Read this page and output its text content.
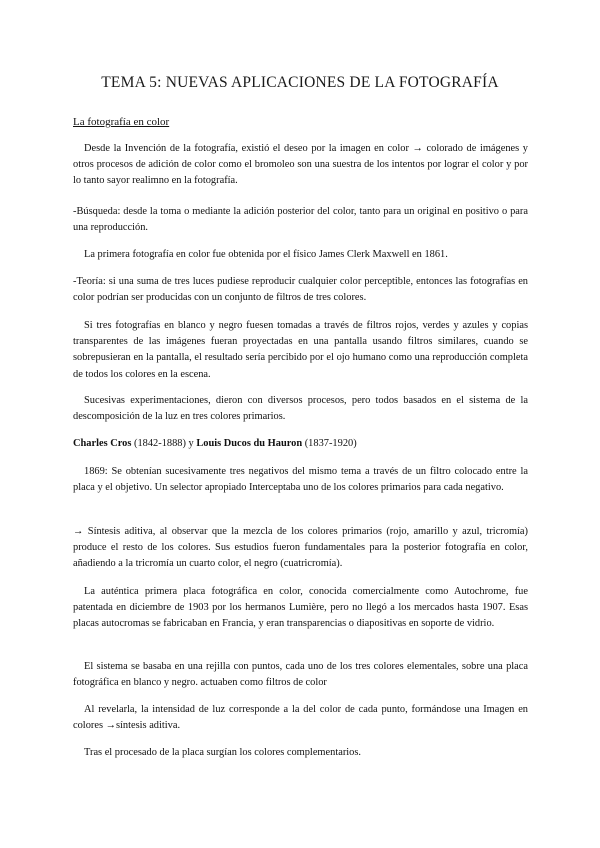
TEMA 5: NUEVAS APLICACIONES DE LA FOTOGRAFÍA
La fotografía en color
Desde la Invención de la fotografía, existió el deseo por la imagen en color → colorado de imágenes y otros procesos de adición de color como el bromoleo son una suestra de los intentos por lograr el color y por lo tanto sayor realimno en la fotografía.
-Búsqueda: desde la toma o mediante la adición posterior del color, tanto para un original en positivo o para una reproducción.
La primera fotografía en color fue obtenida por el físico James Clerk Maxwell en 1861.
-Teoría: si una suma de tres luces pudiese reproducir cualquier color perceptible, entonces las fotografías en color podrían ser producidas con un conjunto de filtros de tres colores.
Si tres fotografías en blanco y negro fuesen tomadas a través de filtros rojos, verdes y azules y copias transparentes de las imágenes fueran proyectadas en una pantalla usando filtros similares, cuando se sobrepusieran en la pantalla, el resultado sería percibido por el ojo humano como una reproducción completa de todos los colores en la escena.
Sucesivas experimentaciones, dieron con diversos procesos, pero todos basados en el sistema de la descomposición de la luz en tres colores primarios.
Charles Cros (1842-1888) y Louis Ducos du Hauron (1837-1920)
1869: Se obtenían sucesivamente tres negativos del mismo tema a través de un filtro colocado entre la placa y el objetivo. Un selector apropiado Interceptaba uno de los colores primarios para cada negativo.
→ Síntesis aditiva, al observar que la mezcla de los colores primarios (rojo, amarillo y azul, tricromía) produce el resto de los colores. Sus estudios fueron fundamentales para la posterior fotografía en color, añadiendo a la tricromía un cuarto color, el negro (cuatricromía).
La auténtica primera placa fotográfica en color, conocida comercialmente como Autochrome, fue patentada en diciembre de 1903 por los hermanos Lumière, pero no llegó a los mercados hasta 1907. Esas placas autocromas se fabricaban en Francia, y eran transparencias o diapositivas en soporte de vidrio.
El sistema se basaba en una rejilla con puntos, cada uno de los tres colores elementales, sobre una placa fotográfica en blanco y negro. actuaben como filtros de color
Al revelarla, la intensidad de luz corresponde a la del color de cada punto, formándose una Imagen en colores →síntesis aditiva.
Tras el procesado de la placa surgían los colores complementarios.
